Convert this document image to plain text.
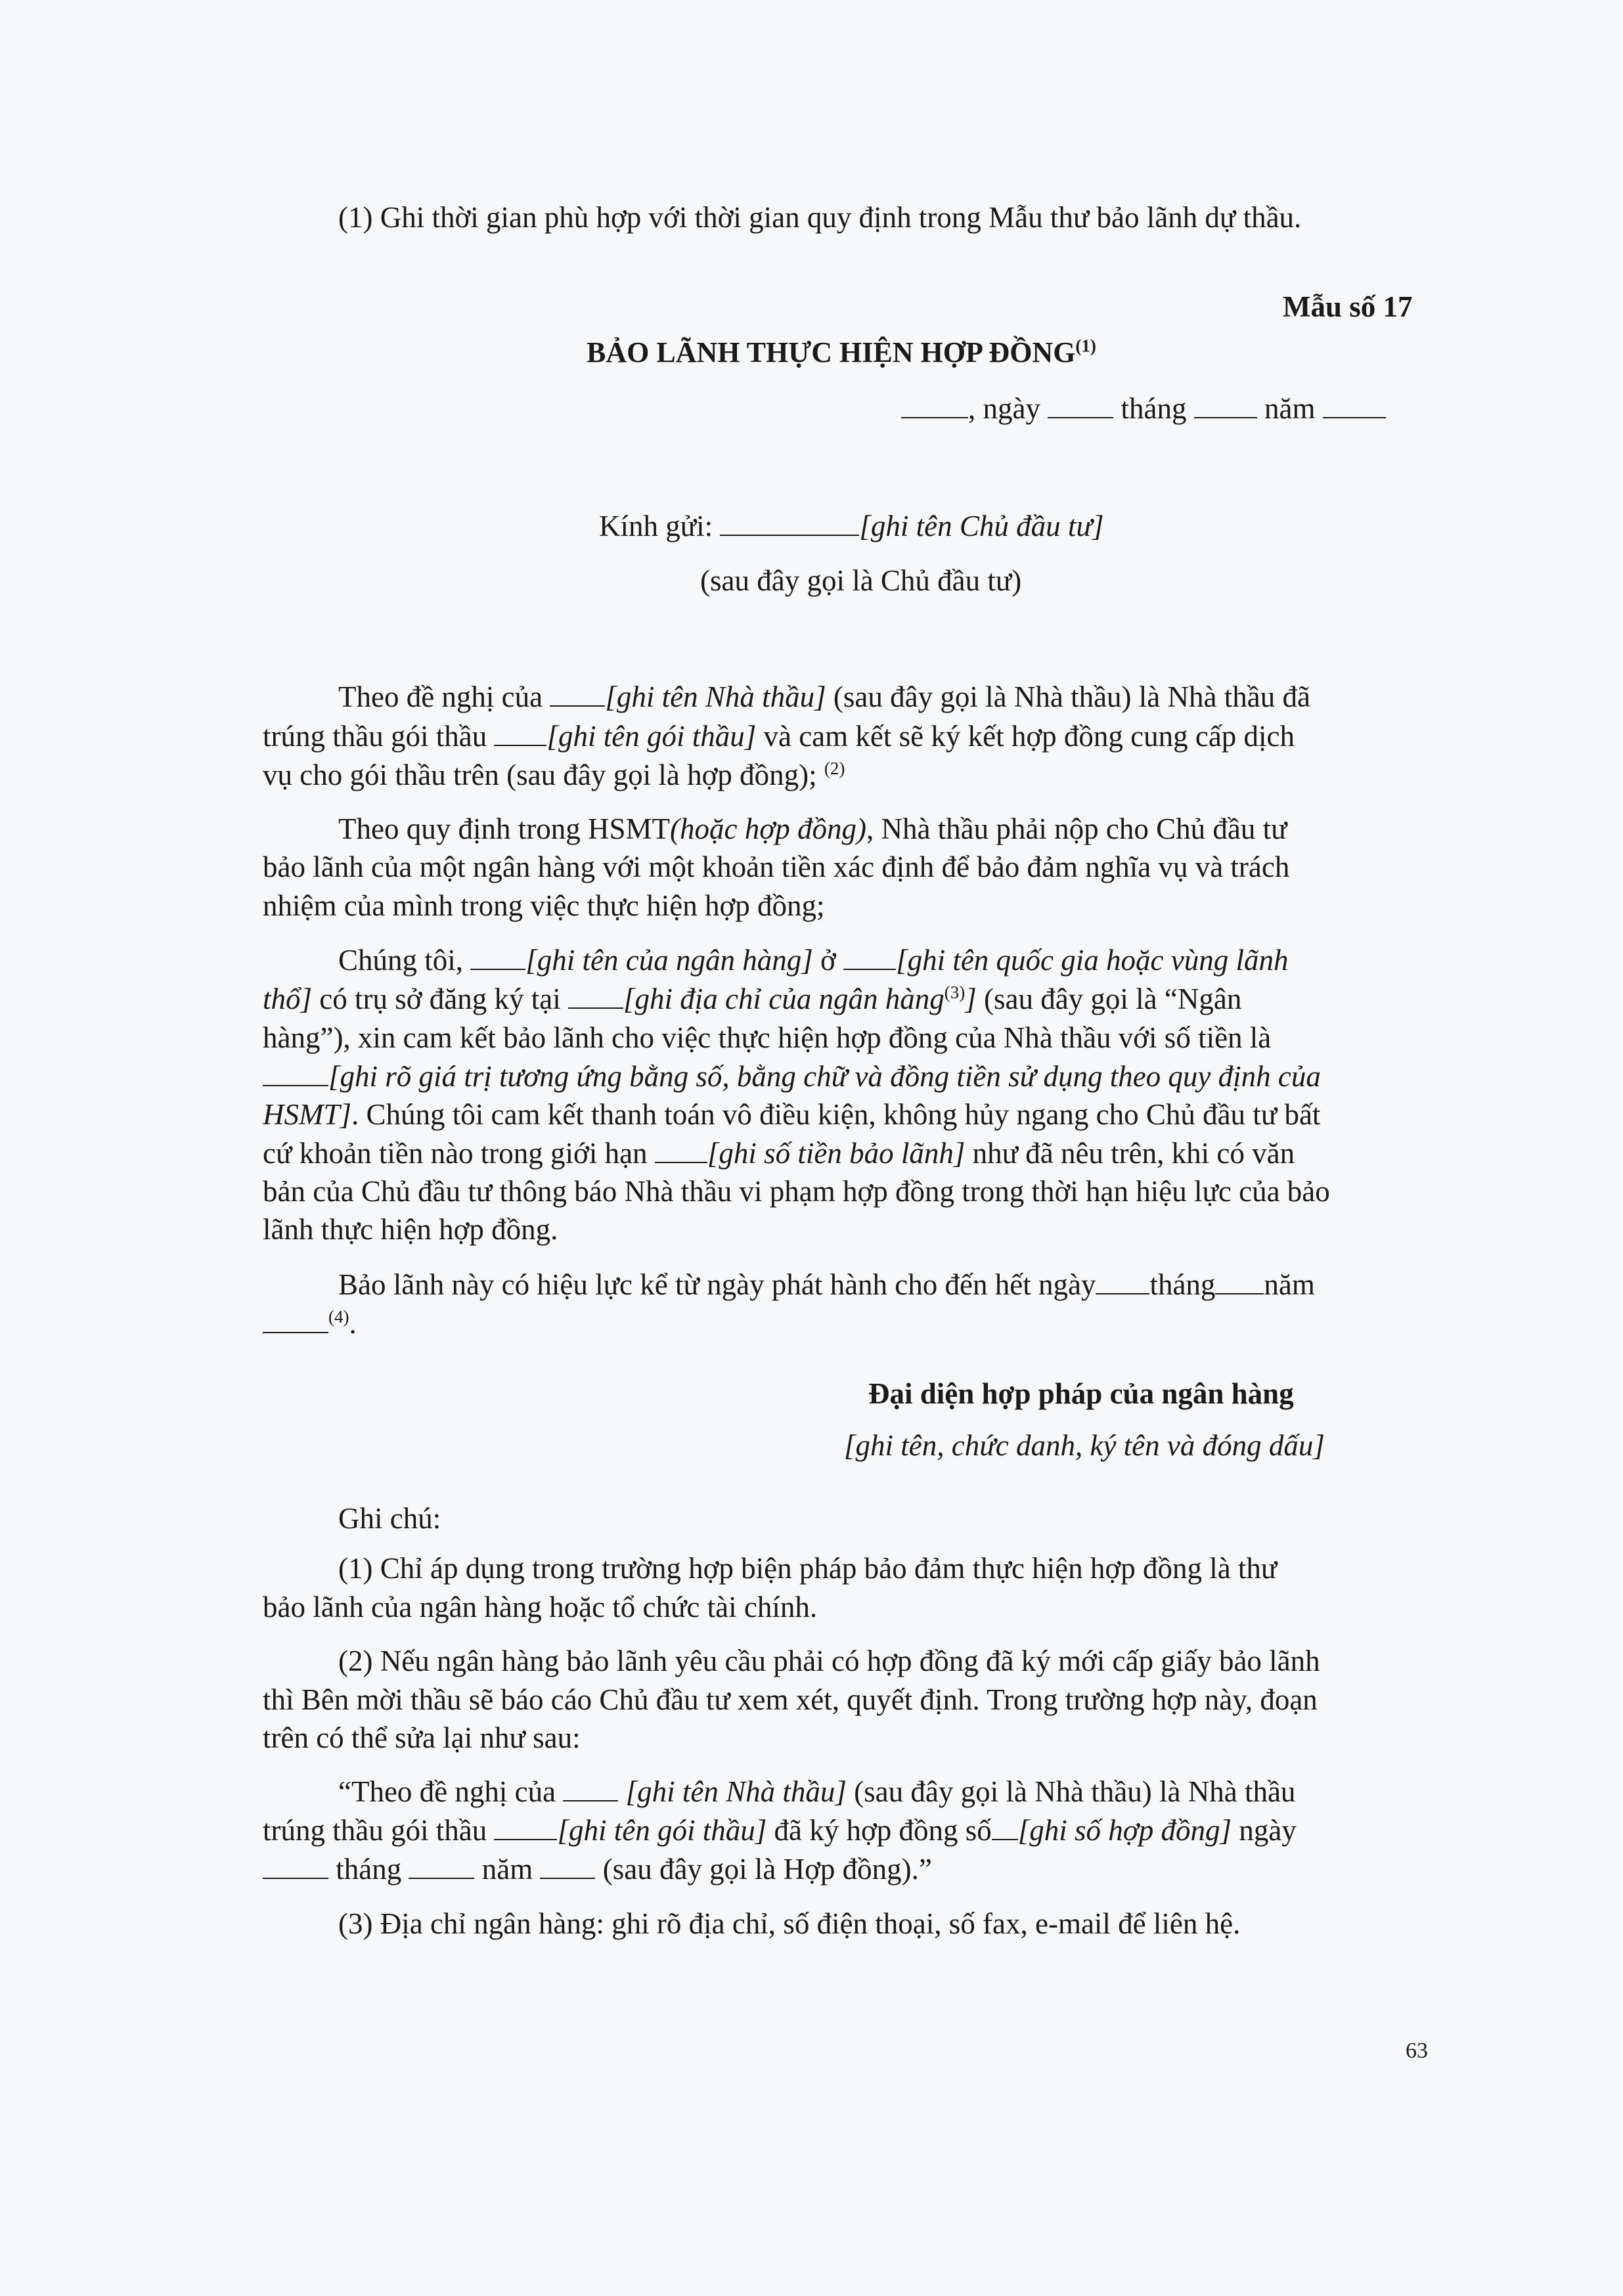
(1) Ghi thời gian phù hợp với thời gian quy định trong Mẫu thư bảo lãnh dự thầu.
Mẫu số 17
BẢO LÃNH THỰC HIỆN HỢP ĐỒNG$^{(1)}$
, ngày	tháng	năm
Kính gửi:	[ghi tên Chủ đầu tư]
(sau đây gọi là Chủ đầu tư)
Theo đề nghị của [ghi tên Nhà thầu] (sau đây gọi là Nhà thầu) là Nhà thầu đã
trúng thầu gói thầu [ghi tên gói thầu] và cam kết sẽ ký kết hợp đồng cung cấp dịch
vụ cho gói thầu trên (sau đây gọi là hợp đồng); $^{(2)}$
Theo quy định trong HSMT(hoặc hợp đồng), Nhà thầu phải nộp cho Chủ đầu tư
bảo lãnh của một ngân hàng với một khoản tiền xác định để bảo đảm nghĩa vụ và trách
nhiệm của mình trong việc thực hiện hợp đồng;
Chúng tôi, [ghi tên của ngân hàng] ở [ghi tên quốc gia hoặc vùng lãnh
thổ] có trụ sở đăng ký tại [ghi địa chỉ của ngân hàng$^{(3)}$] (sau đây gọi là “Ngân
hàng”), xin cam kết bảo lãnh cho việc thực hiện hợp đồng của Nhà thầu với số tiền là
[ghi rõ giá trị tương ứng bằng số, bằng chữ và đồng tiền sử dụng theo quy định của
HSMT]. Chúng tôi cam kết thanh toán vô điều kiện, không hủy ngang cho Chủ đầu tư bất
cứ khoản tiền nào trong giới hạn [ghi số tiền bảo lãnh] như đã nêu trên, khi có văn
bản của Chủ đầu tư thông báo Nhà thầu vi phạm hợp đồng trong thời hạn hiệu lực của bảo
lãnh thực hiện hợp đồng.
Bảo lãnh này có hiệu lực kể từ ngày phát hành cho đến hết ngày tháng năm
$^{(4)}$.
Đại diện hợp pháp của ngân hàng
[ghi tên, chức danh, ký tên và đóng dấu]
Ghi chú:
(1) Chỉ áp dụng trong trường hợp biện pháp bảo đảm thực hiện hợp đồng là thư
bảo lãnh của ngân hàng hoặc tổ chức tài chính.
(2) Nếu ngân hàng bảo lãnh yêu cầu phải có hợp đồng đã ký mới cấp giấy bảo lãnh
thì Bên mời thầu sẽ báo cáo Chủ đầu tư xem xét, quyết định. Trong trường hợp này, đoạn
trên có thể sửa lại như sau:
“Theo đề nghị của [ghi tên Nhà thầu] (sau đây gọi là Nhà thầu) là Nhà thầu
trúng thầu gói thầu [ghi tên gói thầu] đã ký hợp đồng số [ghi số hợp đồng] ngày
tháng	năm (sau đây gọi là Hợp đồng).”
(3) Địa chỉ ngân hàng: ghi rõ địa chỉ, số điện thoại, số fax, e-mail để liên hệ.
63
